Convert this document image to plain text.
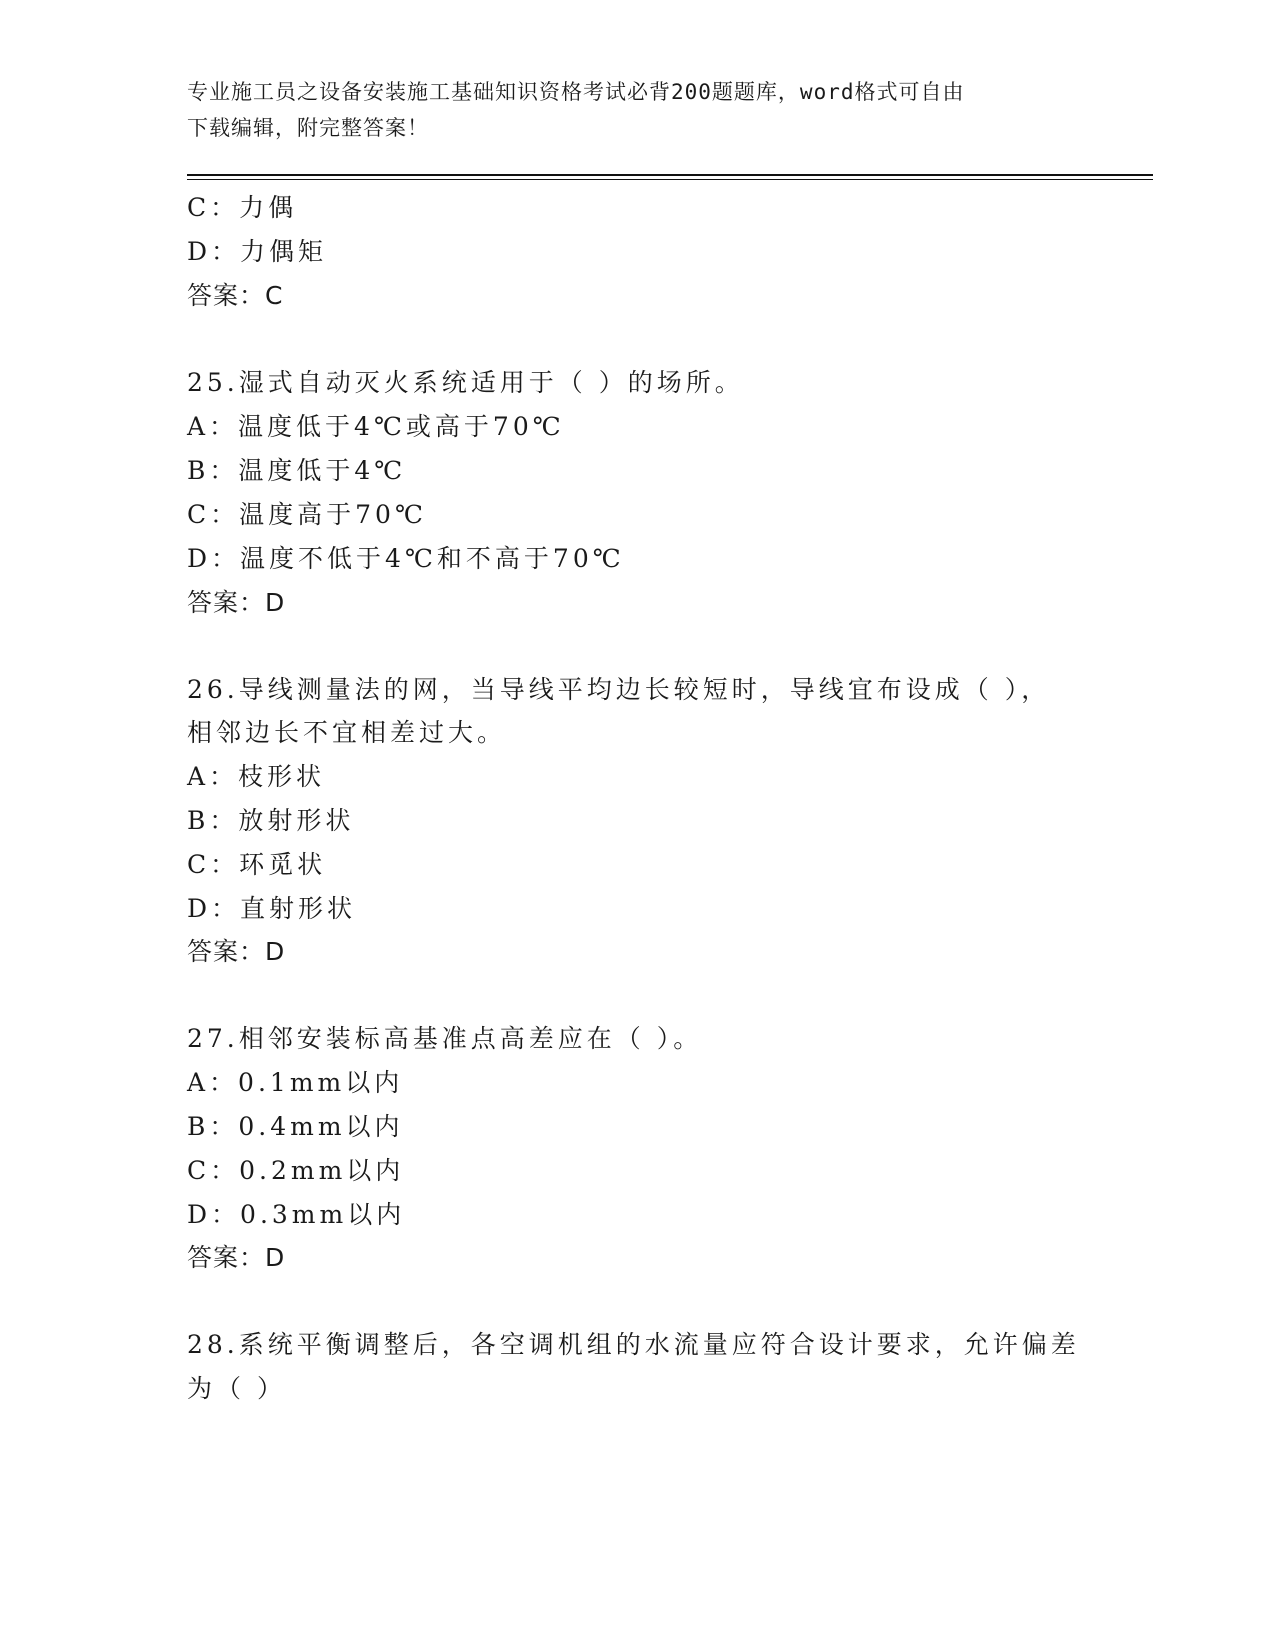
专业施工员之设备安装施工基础知识资格考试必背200题题库，word格式可自由
下载编辑，附完整答案！
C：力偶
D：力偶矩
答案：C
25.湿式自动灭火系统适用于（ ）的场所。
A：温度低于4℃或高于70℃
B：温度低于4℃
C：温度高于70℃
D：温度不低于4℃和不高于70℃
答案：D
26.导线测量法的网，当导线平均边长较短时，导线宜布设成（ ），
相邻边长不宜相差过大。
A：枝形状
B：放射形状
C：环觅状
D：直射形状
答案：D
27.相邻安装标高基准点高差应在（ ）。
A：0.1mm以内
B：0.4mm以内
C：0.2mm以内
D：0.3mm以内
答案：D
28.系统平衡调整后，各空调机组的水流量应符合设计要求，允许偏差
为（ ）
